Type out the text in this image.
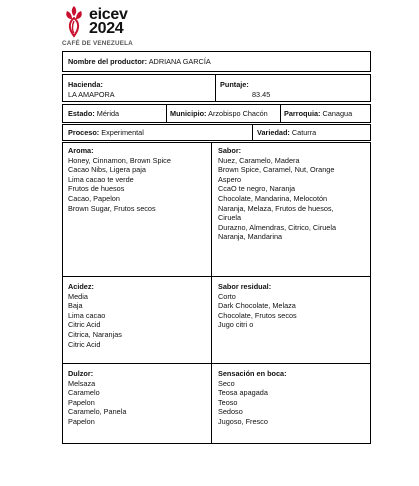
eicev
2024
CAFÉ DE VENEZUELA
Nombre del productor: ADRIANA GARCÍA
Hacienda:
LA AMAPORA
Puntaje:
83.45
Estado: Mérida	Municipio: Arzobispo Chacón Parroquia: Canagua
Proceso: Experimental	Variedad: Caturra
Aroma:
Honey, Cinnamon, Brown Spice
Cacao Nibs, Ligera paja
Lima cacao te verde
Frutos de huesos
Cacao, Papelon
Brown Sugar, Frutos secos
Sabor:
Nuez, Caramelo, Madera
Brown Spice, Caramel, Nut, Orange
Aspero
CcaO te negro, Naranja
Chocolate, Mandarina, Melocotón
Naranja, Melaza, Frutos de huesos,
Ciruela
Durazno, Almendras, Citrico, Ciruela
Naranja, Mandarina
Acidez:
Media
Baja
Lima cacao
Citric Acid
Citrica, Naranjas
Citric Acid
Sabor residual:
Corto
Dark Chocolate, Melaza
Chocolate, Frutos secos
Jugo citri o
Dulzor:
Melsaza
Caramelo
Papelon
Caramelo, Panela
Papelon
Sensación en boca:
Seco
Teosa apagada
Teoso
Sedoso
Jugoso, Fresco
